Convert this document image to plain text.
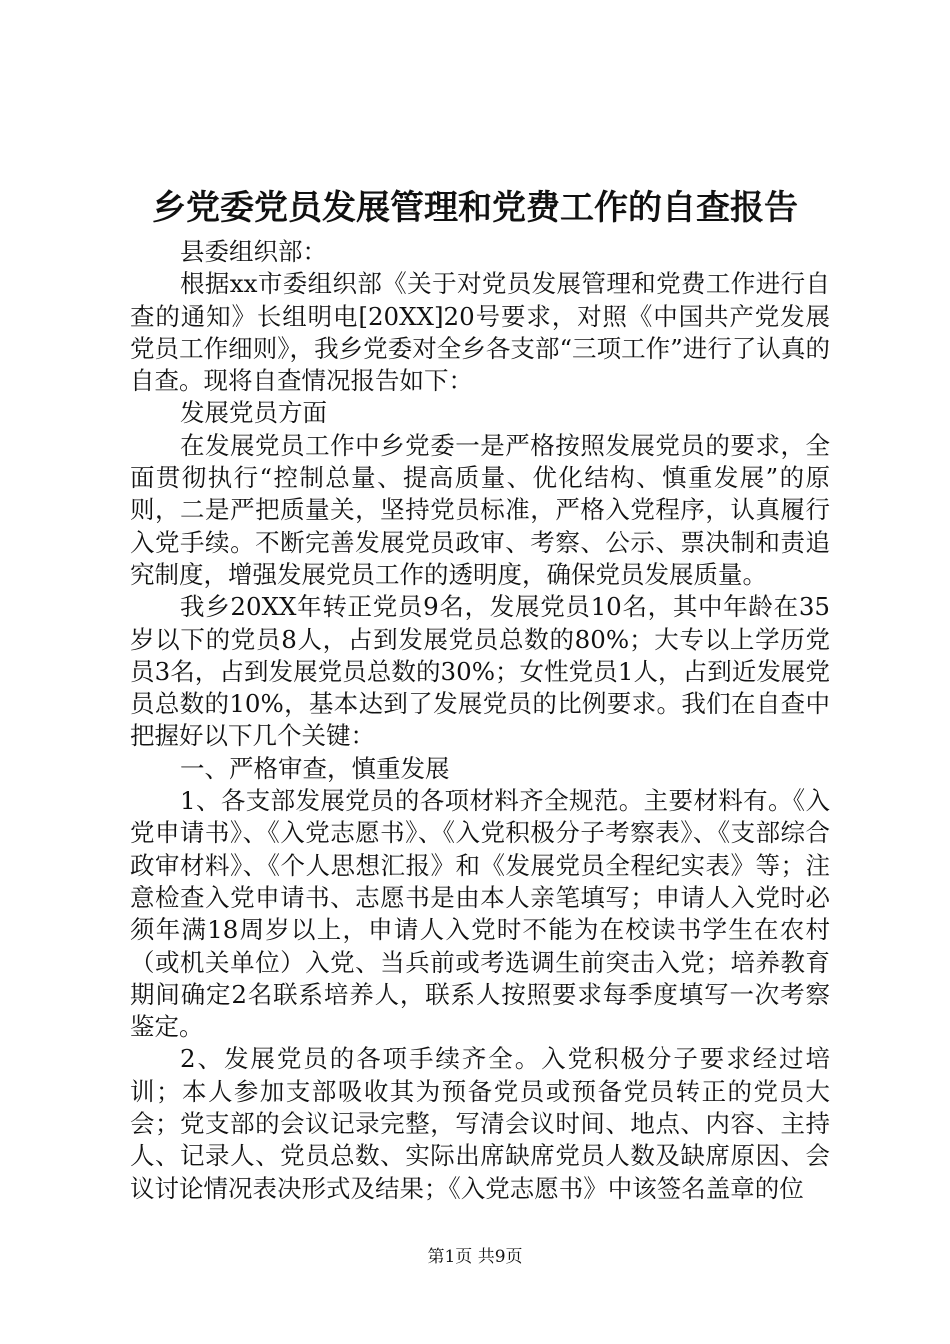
乡党委党员发展管理和党费工作的自查报告

县委组织部：

根据xx市委组织部《关于对党员发展管理和党费工作进行自查的通知》长组明电[20XX]20号要求，对照《中国共产党发展党员工作细则》，我乡党委对全乡各支部“三项工作”进行了认真的自查。现将自查情况报告如下：

发展党员方面

在发展党员工作中乡党委一是严格按照发展党员的要求，全面贯彻执行“控制总量、提高质量、优化结构、慎重发展”的原则，二是严把质量关，坚持党员标准，严格入党程序，认真履行入党手续。不断完善发展党员政审、考察、公示、票决制和责追究制度，增强发展党员工作的透明度，确保党员发展质量。

我乡20XX年转正党员9名，发展党员10名，其中年龄在35岁以下的党员8人，占到发展党员总数的80%；大专以上学历党员3名，占到发展党员总数的30%；女性党员1人，占到近发展党员总数的10%，基本达到了发展党员的比例要求。我们在自查中把握好以下几个关键：

一、严格审查，慎重发展

1、各支部发展党员的各项材料齐全规范。主要材料有。《入党申请书》、《入党志愿书》、《入党积极分子考察表》、《支部综合政审材料》、《个人思想汇报》和《发展党员全程纪实表》等；注意检查入党申请书、志愿书是由本人亲笔填写；申请人入党时必须年满18周岁以上，申请人入党时不能为在校读书学生在农村（或机关单位）入党、当兵前或考选调生前突击入党；培养教育期间确定2名联系培养人，联系人按照要求每季度填写一次考察鉴定。

2、发展党员的各项手续齐全。入党积极分子要求经过培训；本人参加支部吸收其为预备党员或预备党员转正的党员大会；党支部的会议记录完整，写清会议时间、地点、内容、主持人、记录人、党员总数、实际出席缺席党员人数及缺席原因、会议讨论情况表决形式及结果；《入党志愿书》中该签名盖章的位

第1页 共9页
